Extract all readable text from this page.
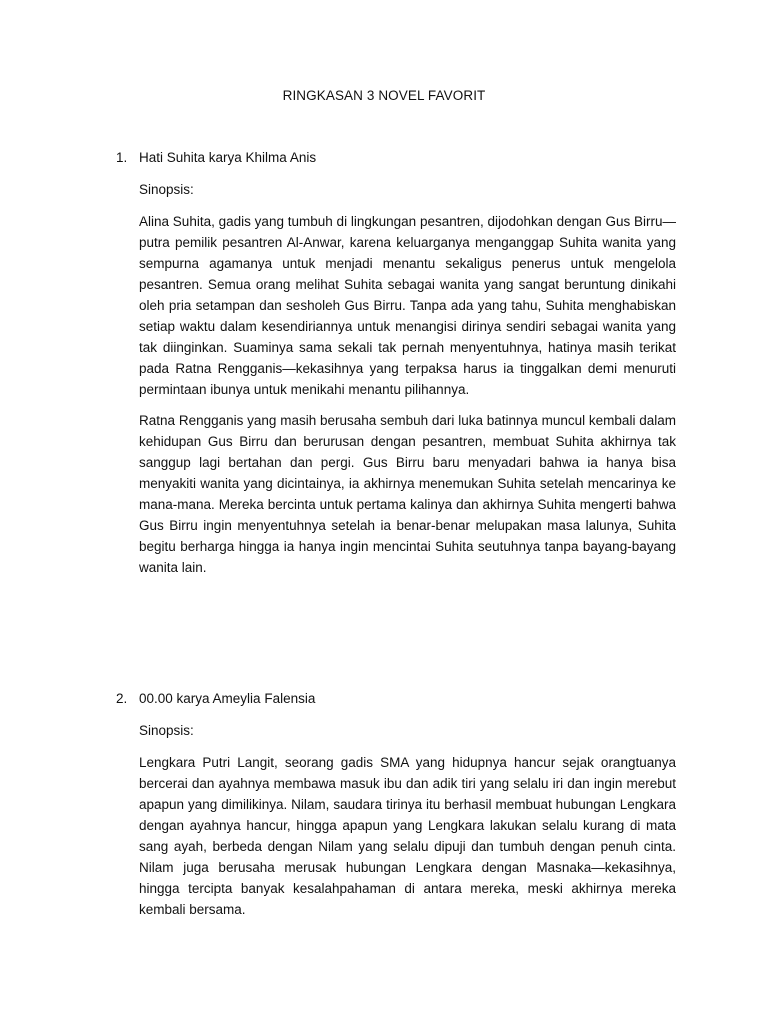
RINGKASAN 3 NOVEL FAVORIT
1. Hati Suhita karya Khilma Anis
Sinopsis:
Alina Suhita, gadis yang tumbuh di lingkungan pesantren, dijodohkan dengan Gus Birru—putra pemilik pesantren Al-Anwar, karena keluarganya menganggap Suhita wanita yang sempurna agamanya untuk menjadi menantu sekaligus penerus untuk mengelola pesantren. Semua orang melihat Suhita sebagai wanita yang sangat beruntung dinikahi oleh pria setampan dan sesholeh Gus Birru. Tanpa ada yang tahu, Suhita menghabiskan setiap waktu dalam kesendiriannya untuk menangisi dirinya sendiri sebagai wanita yang tak diinginkan. Suaminya sama sekali tak pernah menyentuhnya, hatinya masih terikat pada Ratna Rengganis—kekasihnya yang terpaksa harus ia tinggalkan demi menuruti permintaan ibunya untuk menikahi menantu pilihannya.
Ratna Rengganis yang masih berusaha sembuh dari luka batinnya muncul kembali dalam kehidupan Gus Birru dan berurusan dengan pesantren, membuat Suhita akhirnya tak sanggup lagi bertahan dan pergi. Gus Birru baru menyadari bahwa ia hanya bisa menyakiti wanita yang dicintainya, ia akhirnya menemukan Suhita setelah mencarinya ke mana-mana. Mereka bercinta untuk pertama kalinya dan akhirnya Suhita mengerti bahwa Gus Birru ingin menyentuhnya setelah ia benar-benar melupakan masa lalunya, Suhita begitu berharga hingga ia hanya ingin mencintai Suhita seutuhnya tanpa bayang-bayang wanita lain.
2. 00.00 karya Ameylia Falensia
Sinopsis:
Lengkara Putri Langit, seorang gadis SMA yang hidupnya hancur sejak orangtuanya bercerai dan ayahnya membawa masuk ibu dan adik tiri yang selalu iri dan ingin merebut apapun yang dimilikinya. Nilam, saudara tirinya itu berhasil membuat hubungan Lengkara dengan ayahnya hancur, hingga apapun yang Lengkara lakukan selalu kurang di mata sang ayah, berbeda dengan Nilam yang selalu dipuji dan tumbuh dengan penuh cinta. Nilam juga berusaha merusak hubungan Lengkara dengan Masnaka—kekasihnya, hingga tercipta banyak kesalahpahaman di antara mereka, meski akhirnya mereka kembali bersama.
